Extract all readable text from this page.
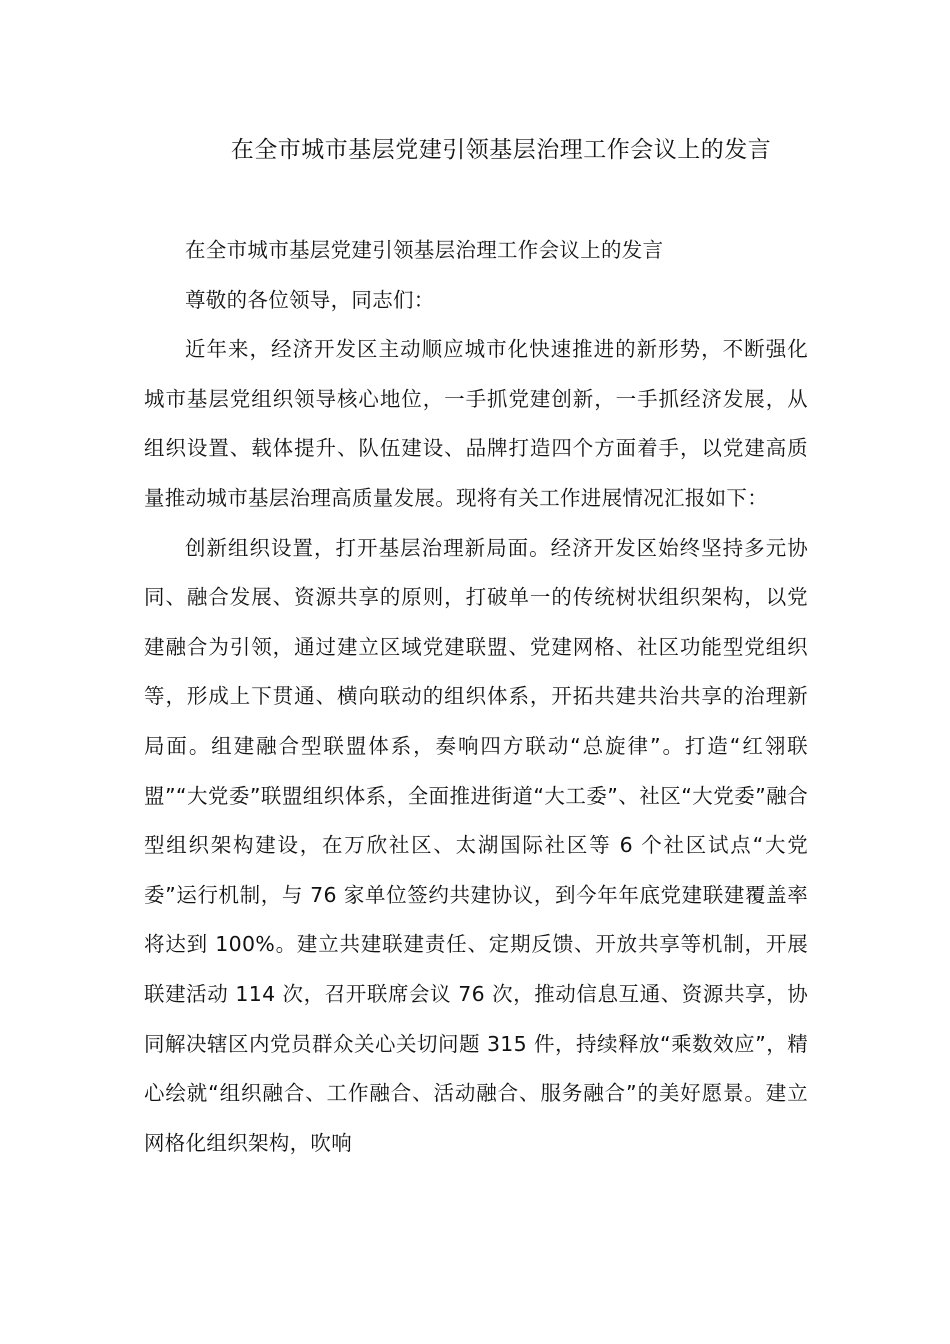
在全市城市基层党建引领基层治理工作会议上的发言

在全市城市基层党建引领基层治理工作会议上的发言

尊敬的各位领导，同志们：

近年来，经济开发区主动顺应城市化快速推进的新形势，不断强化城市基层党组织领导核心地位，一手抓党建创新，一手抓经济发展，从组织设置、载体提升、队伍建设、品牌打造四个方面着手，以党建高质量推动城市基层治理高质量发展。现将有关工作进展情况汇报如下：

创新组织设置，打开基层治理新局面。经济开发区始终坚持多元协同、融合发展、资源共享的原则，打破单一的传统树状组织架构，以党建融合为引领，通过建立区域党建联盟、党建网格、社区功能型党组织等，形成上下贯通、横向联动的组织体系，开拓共建共治共享的治理新局面。组建融合型联盟体系，奏响四方联动“总旋律”。打造“红翎联盟”“大党委”联盟组织体系，全面推进街道“大工委”、社区“大党委”融合型组织架构建设，在万欣社区、太湖国际社区等 6 个社区试点“大党委”运行机制，与 76 家单位签约共建协议，到今年年底党建联建覆盖率将达到 100%。建立共建联建责任、定期反馈、开放共享等机制，开展联建活动 114 次，召开联席会议 76 次，推动信息互通、资源共享，协同解决辖区内党员群众关心关切问题 315 件，持续释放“乘数效应”，精心绘就“组织融合、工作融合、活动融合、服务融合”的美好愿景。建立网格化组织架构，吹响
